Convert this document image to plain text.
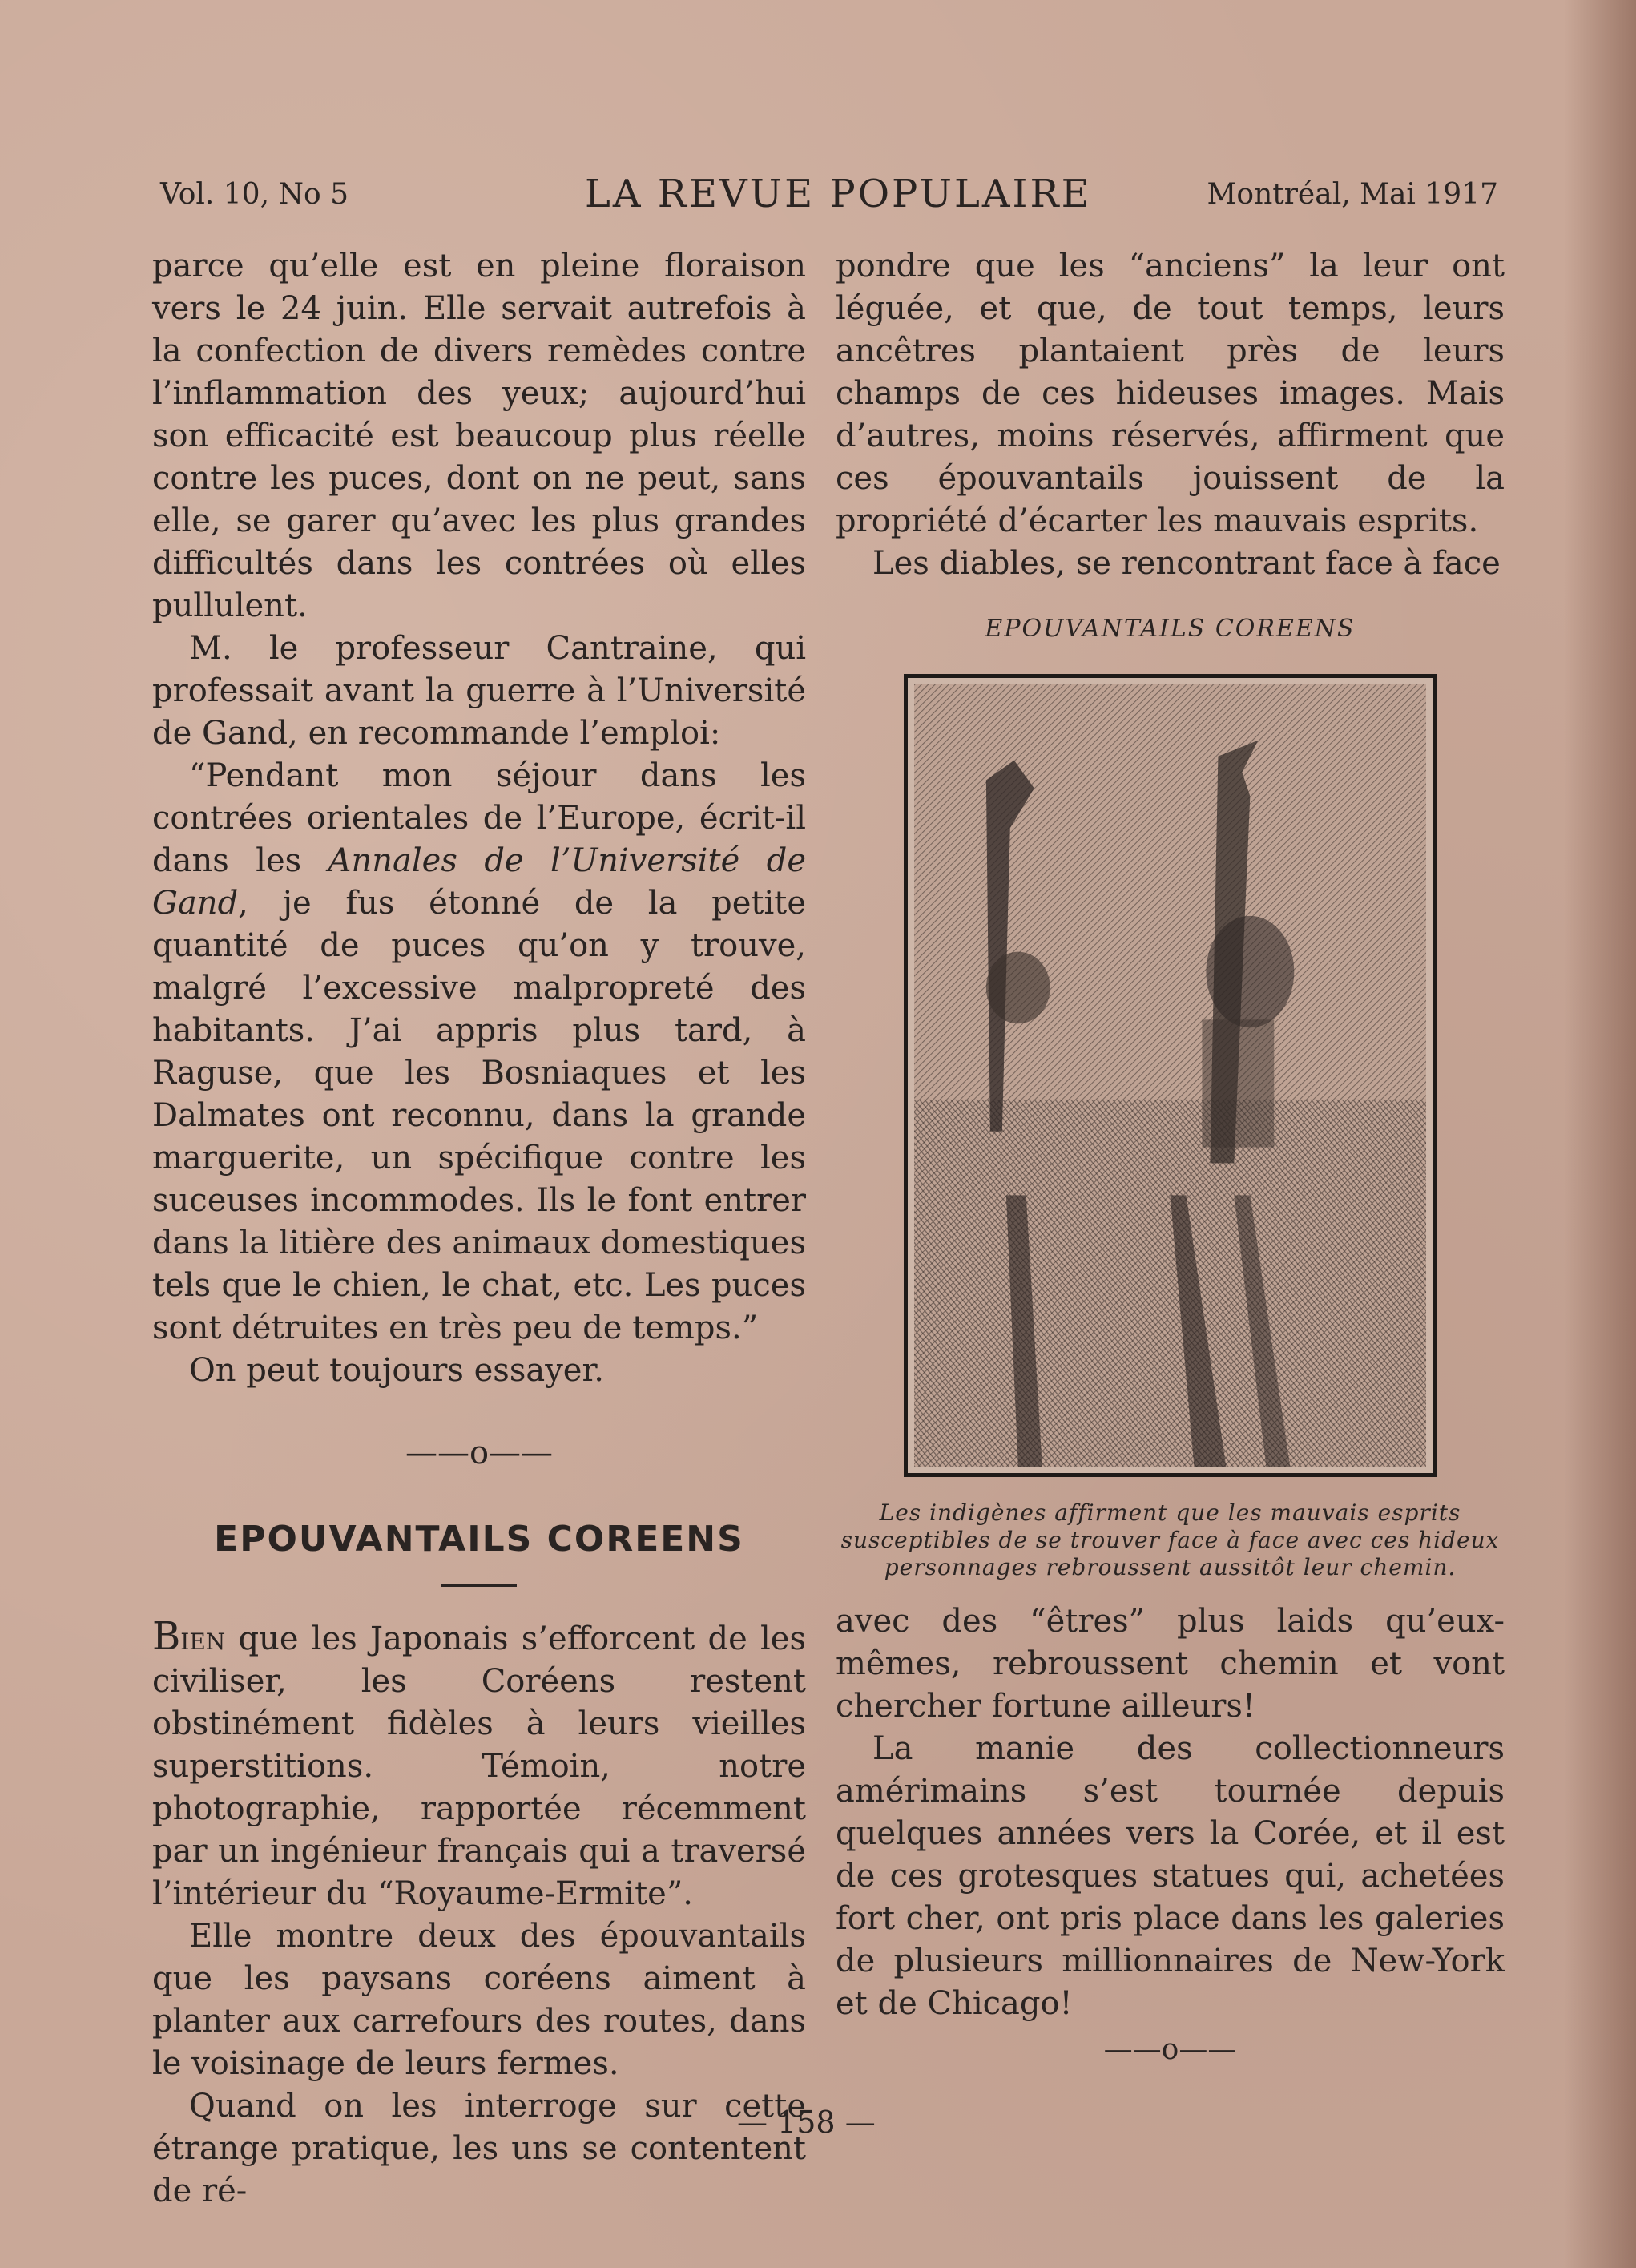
Vol. 10, No 5	LA REVUE POPULAIRE	Montréal, Mai 1917

parce qu’elle est en pleine floraison vers le 24 juin. Elle servait autrefois à la confection de divers remèdes contre l’inflammation des yeux; aujourd’hui son efficacité est beaucoup plus réelle contre les puces, dont on ne peut, sans elle, se garer qu’avec les plus grandes difficultés dans les contrées où elles pullulent.

M. le professeur Cantraine, qui professait avant la guerre à l’Université de Gand, en recommande l’emploi:

“Pendant mon séjour dans les contrées orientales de l’Europe, écrit-il dans les Annales de l’Université de Gand, je fus étonné de la petite quantité de puces qu’on y trouve, malgré l’excessive malpropreté des habitants. J’ai appris plus tard, à Raguse, que les Bosniaques et les Dalmates ont reconnu, dans la grande marguerite, un spécifique contre les suceuses incommodes. Ils le font entrer dans la litière des animaux domestiques tels que le chien, le chat, etc. Les puces sont détruites en très peu de temps.”

On peut toujours essayer.

——o——
EPOUVANTAILS COREENS

Bien que les Japonais s’efforcent de les civiliser, les Coréens restent obstinément fidèles à leurs vieilles superstitions. Témoin, notre photographie, rapportée récemment par un ingénieur français qui a traversé l’intérieur du “Royaume-Ermite”.

Elle montre deux des épouvantails que les paysans coréens aiment à planter aux carrefours des routes, dans le voisinage de leurs fermes.

Quand on les interroge sur cette étrange pratique, les uns se contentent de ré-

pondre que les “anciens” la leur ont léguée, et que, de tout temps, leurs ancêtres plantaient près de leurs champs de ces hideuses images. Mais d’autres, moins réservés, affirment que ces épouvantails jouissent de la propriété d’écarter les mauvais esprits.

Les diables, se rencontrant face à face

EPOUVANTAILS COREENS
Les indigènes affirment que les mauvais esprits susceptibles de se trouver face à face avec ces hideux personnages rebroussent aussitôt leur chemin.

avec des “êtres” plus laids qu’eux-mêmes, rebroussent chemin et vont chercher fortune ailleurs!

La manie des collectionneurs amérimains s’est tournée depuis quelques années vers la Corée, et il est de ces grotesques statues qui, achetées fort cher, ont pris place dans les galeries de plusieurs millionnaires de New-York et de Chicago!

——o——
— 158 —
